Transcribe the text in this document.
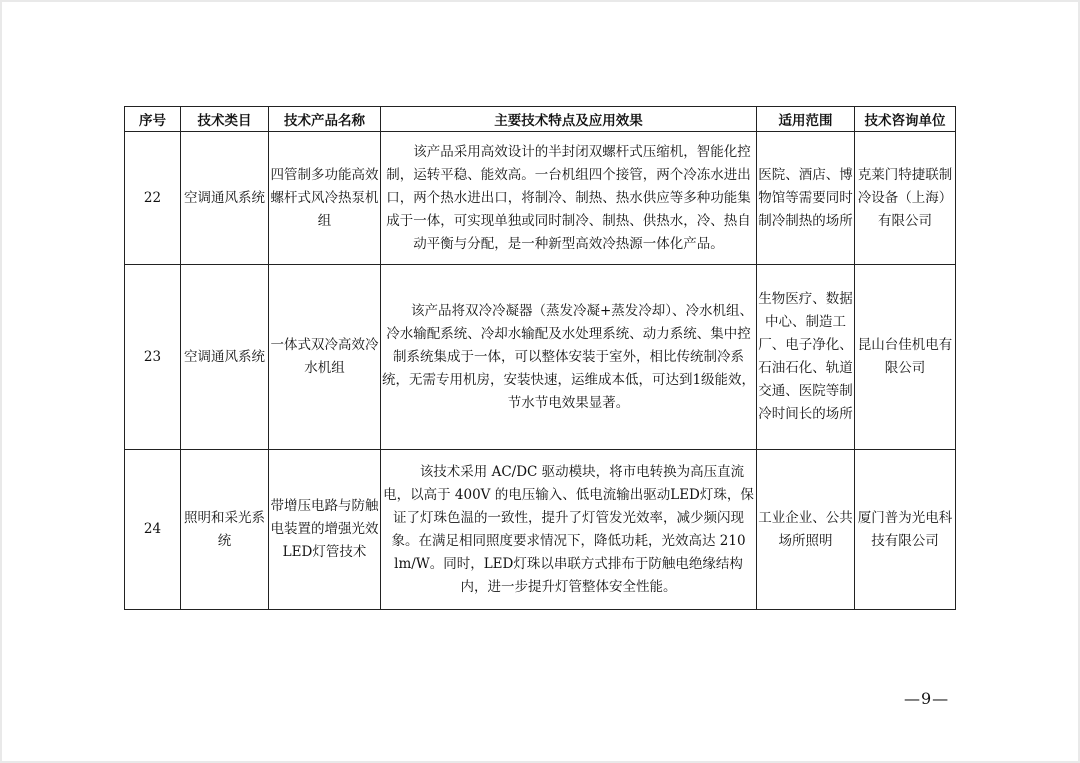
序号	技术类目	技术产品名称	主要技术特点及应用效果	适用范围	技术咨询单位
22	空调通风系统	四管制多功能高效螺杆式风冷热泵机组	该产品采用高效设计的半封闭双螺杆式压缩机，智能化控制，运转平稳、能效高。一台机组四个接管，两个冷冻水进出口，两个热水进出口，将制冷、制热、热水供应等多种功能集成于一体，可实现单独或同时制冷、制热、供热水，冷、热自动平衡与分配，是一种新型高效冷热源一体化产品。	医院、酒店、博物馆等需要同时制冷制热的场所	克莱门特捷联制冷设备（上海）有限公司
23	空调通风系统	一体式双冷高效冷水机组	该产品将双冷冷凝器（蒸发冷凝+蒸发冷却）、冷水机组、冷水输配系统、冷却水输配及水处理系统、动力系统、集中控制系统集成于一体，可以整体安装于室外，相比传统制冷系统，无需专用机房，安装快速，运维成本低，可达到1级能效，节水节电效果显著。	生物医疗、数据中心、制造工厂、电子净化、石油石化、轨道交通、医院等制冷时间长的场所	昆山台佳机电有限公司
24	照明和采光系统	带增压电路与防触电装置的增强光效LED灯管技术	该技术采用 AC/DC 驱动模块，将市电转换为高压直流电，以高于 400V 的电压输入、低电流输出驱动LED灯珠，保证了灯珠色温的一致性，提升了灯管发光效率，减少频闪现象。在满足相同照度要求情况下，降低功耗，光效高达 210 lm/W。同时，LED灯珠以串联方式排布于防触电绝缘结构内，进一步提升灯管整体安全性能。	工业企业、公共场所照明	厦门普为光电科技有限公司
—9—
